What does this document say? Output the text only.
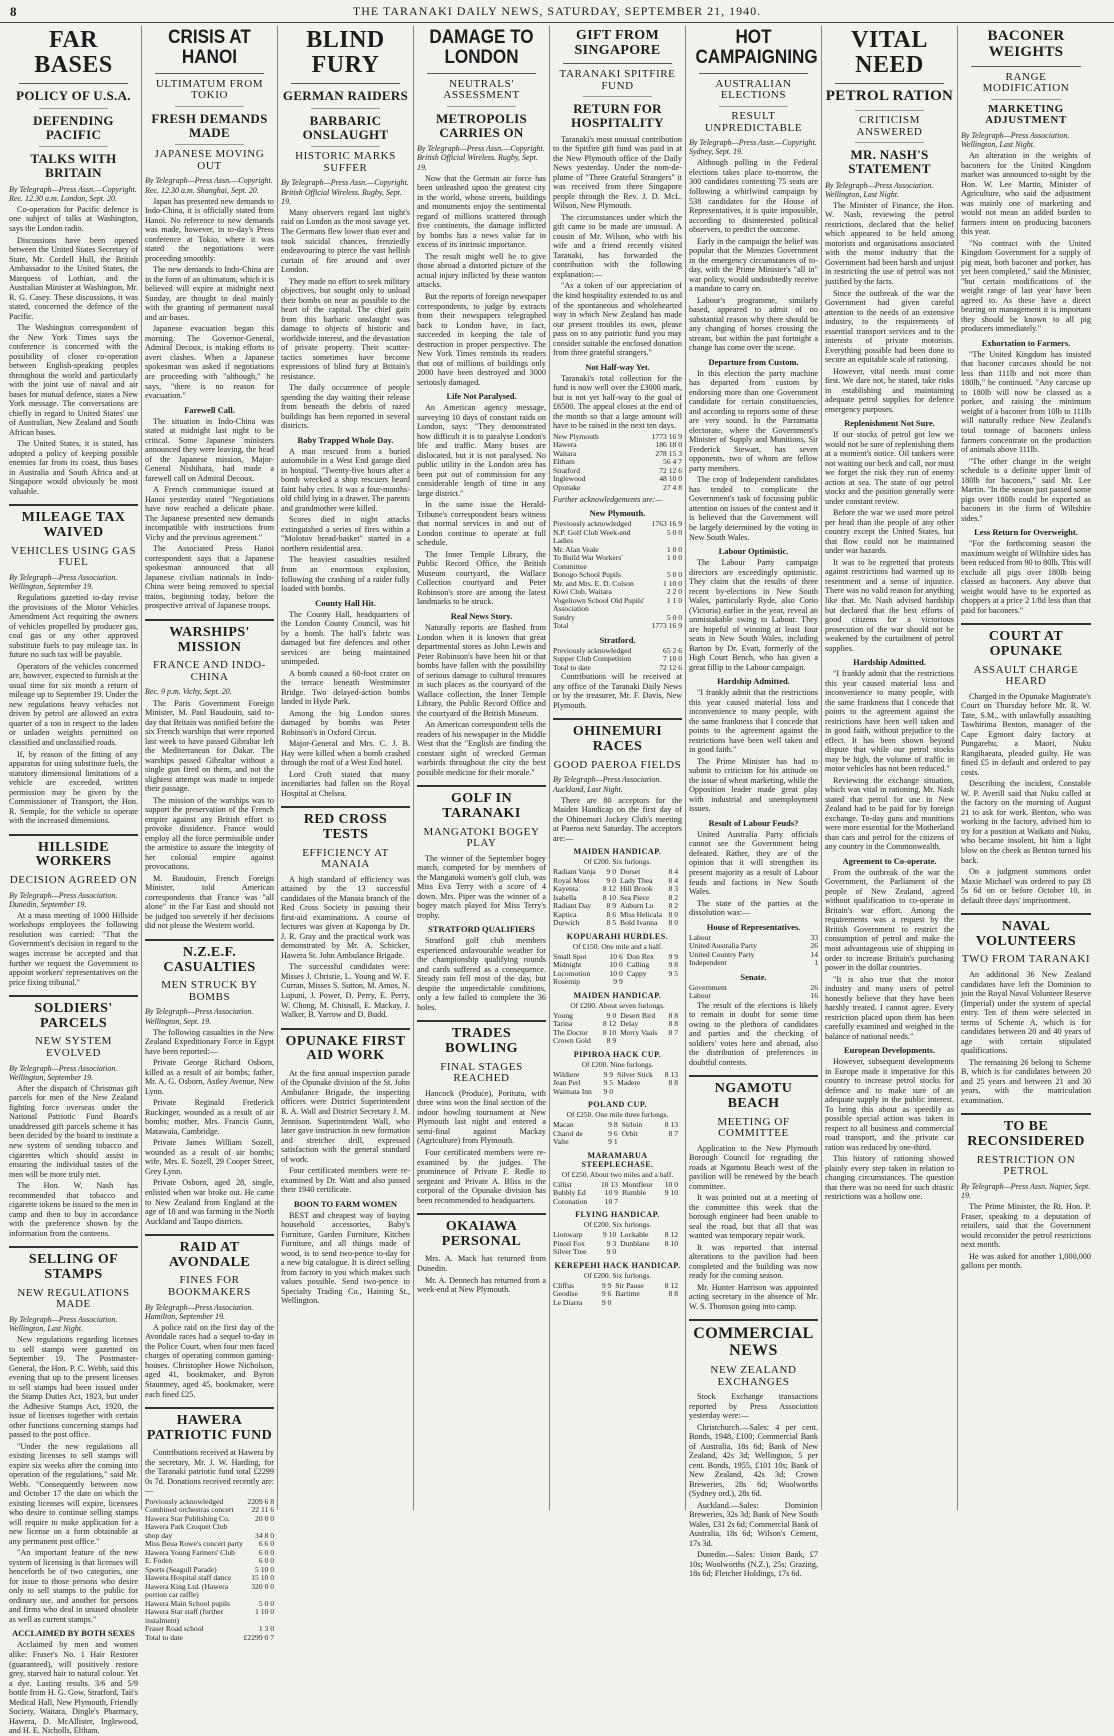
8	THE TARANAKI DAILY NEWS, SATURDAY, SEPTEMBER 21, 1940.
FAR BASES
POLICY OF U.S.A.
DEFENDING PACIFIC
TALKS WITH BRITAIN
By Telegraph—Press Assn.—Copyright. Rec. 12.30 a.m. London, Sept. 20.

Co-operation for Pacific defence is one subject of talks at Washington, says the London radio.

Discussions have been opened between the United States Secretary of State, Mr. Cordell Hull, the British Ambassador to the United States, the Marquess of Lothian, and the Australian Minister at Washington, Mr. R. G. Casey. These discussions, it was stated, concerned the defence of the Pacific.

The Washington correspondent of the New York Times says the conference is concerned with the possibility of closer co-operation between English-speaking peoples throughout the world and particularly with the joint use of naval and air bases for mutual defence, states a New York message. The conversations are chiefly in regard to United States' use of Australian, New Zealand and South African bases.

The United States, it is stated, has adopted a policy of keeping possible enemies far from its coast, thus bases in Australia and South Africa and at Singapore would obviously be most valuable.

MILEAGE TAX WAIVED
VEHICLES USING GAS FUEL
By Telegraph—Press Association. Wellington, September 19.

Regulations gazetted to-day revise the provisions of the Motor Vehicles Amendment Act requiring the owners of vehicles propelled by producer gas, coal gas or any other approved substitute fuels to pay mileage tax. In future no such tax will be payable.

Operators of the vehicles concerned are, however, expected to furnish at the usual time for six month a return of mileage up to September 19. Under the new regulations heavy vehicles not driven by petrol are allowed an extra quarter of a ton in respect to the laden or unladen weights permitted on classified and unclassified roads.

If, by reason of the fitting of any apparatus for using substitute fuels, the statutory dimensional limitations of a vehicle are exceeded, written permission may be given by the Commissioner of Transport, the Hon. R. Semple, for the vehicle to operate with the increased dimensions.

HILLSIDE WORKERS
DECISION AGREED ON
By Telegraph—Press Association. Dunedin, September 19.

At a mass meeting of 1000 Hillside workshops employees the following resolution was carried: "That the Government's decision in regard to the wages increase be accepted and that further we request the Government to appoint workers' representatives on the price fixing tribunal."

SOLDIERS' PARCELS
NEW SYSTEM EVOLVED
By Telegraph—Press Association. Wellington, September 19.

After the dispatch of Christmas gift parcels for men of the New Zealand fighting force overseas under the National Patriotic Fund Board's unaddressed gift parcels scheme it has been decided by the board to institute a new system of sending tobacco and cigarettes which should assist in ensuring the individual tastes of the men will be more truly met.

The Hon. W. Nash has recommended that tobacco and cigarette tokens be issued to the men in camp and then to buy in accordance with the preference shown by the information from the canteens.

SELLING OF STAMPS
NEW REGULATIONS MADE
By Telegraph—Press Association. Wellington, Last Night.

New regulations regarding licenses to sell stamps were gazetted on September 19. The Postmaster-General, the Hon. P. C. Webb, said this evening that up to the present licenses to sell stamps had been issued under the Stamp Duties Act, 1923, but under the Adhesive Stamps Act, 1920, the issue of licenses together with certain other functions concerning stamps had passed to the post office.

"Under the new regulations all existing licenses to sell stamps will expire six weeks after the coming into operation of the regulations," said Mr. Webb. "Consequently between now and October 17 the date on which the existing licenses will expire, licensees who desire to continue selling stamps will require to make application for a new license on a form obtainable at any permanent post office."

"An important feature of the new system of licensing is that licenses will henceforth be of two categories, one for issue to those persons who desire only to sell stamps to the public for ordinary use, and another for persons and firms who deal in unused obsolete as well as current stamps."

ACCLAIMED BY BOTH SEXES

Acclaimed by men and women alike: Fraser's No. 1 Hair Restorer (guaranteed), will positively restore grey, starved hair to natural colour. Yet a dye. Lasting results. 3/6 and 5/9 bottle from H. G. Gow, Stratford, Tait's Medical Hall, New Plymouth, Friendly Society, Waitara, Dingle's Pharmacy, Hawera, D. McAllister, Inglewood, and H. E. Nicholls, Eltham.

CRISIS AT HANOI
ULTIMATUM FROM TOKIO
FRESH DEMANDS MADE
JAPANESE MOVING OUT
By Telegraph—Press Assn.—Copyright. Rec. 12.30 a.m. Shanghai, Sept. 20.

Japan has presented new demands to Indo-China, it is officially stated from Hanoi. No reference to new demands was made, however, in to-day's Press conference at Tokio, where it was stated the negotiations were proceeding smoothly.

The new demands to Indo-China are in the form of an ultimatum, which it is believed will expire at midnight next Sunday, are thought to deal mainly with the granting of permanent naval and air bases.

Japanese evacuation began this morning. The Governor-General, Admiral Decoux, is making efforts to avert clashes. When a Japanese spokesman was asked if negotiations are proceeding with "although," he says, "there is no reason for evacuation."

Farewell Call.

The situation in Indo-China was stated at midnight last night to be critical. Some Japanese ministers announced they were leaving, the head of the Japanese mission, Major-General Nishihara, had made a farewell call on Admiral Decoux.

A French communique issued at Hanoi yesterday stated "Negotiations have now reached a delicate phase. The Japanese presented new demands incompatible with instructions from Vichy and the previous agreement."

The Associated Press Hanoi correspondent says that a Japanese spokesman announced that all Japanese civilian nationals in Indo-China were being removed to special trains, beginning today, before the prospective arrival of Japanese troops.

WARSHIPS' MISSION
FRANCE AND INDO-CHINA
Rec. 9 p.m. Vichy, Sept. 20.

The Paris Government Foreign Minister, M. Paul Baudouin, said to-day that Britain was notified before the six French warships that were reported last week to have passed Gibraltar left the Mediterranean for Dakar. The warships passed Gibraltar without a single gun fired on them, and not the slightest attempt was made to impede their passage.

The mission of the warships was to support the preservation of the French empire against any British effort to provoke dissidence. France would employ all the force permissible under the armistice to assure the integrity of her colonial empire against provocations.

M. Baudouin, French Foreign Minister, told American correspondents that France was "all alone" in the Far East and should not be judged too severely if her decisions did not please the Western world.

N.Z.E.F. CASUALTIES
MEN STRUCK BY BOMBS
By Telegraph—Press Association. Wellington, Sept. 19.

The following casualties in the New Zealand Expeditionary Force in Egypt have been reported:—

Private George Richard Osborn, killed as a result of air bombs; father, Mr. A. G. Osborn, Astley Avenue, New Lynn.

Private Reginald Frederick Ruckinger, wounded as a result of air bombs; mother, Mrs. Francis Gunn, Matawaia, Cambridge.

Private James William Sozell, wounded as a result of air bombs; wife, Mrs. E. Sozell, 29 Cooper Street, Grey Lynn.

Private Osborn, aged 28, single, enlisted when war broke out. He came to New Zealand from England at the age of 18 and was farming in the North Auckland and Taupo districts.

RAID AT AVONDALE
FINES FOR BOOKMAKERS
By Telegraph—Press Association. Hamilton, September 19.

A police raid on the first day of the Avondale races had a sequel to-day in the Police Court, when four men faced charges of operating common gaming-houses. Christopher Howe Nicholson, aged 41, bookmaker, and Byron Stauntney, aged 45, bookmaker, were each fined £25.

HAWERA PATRIOTIC FUND

Contributions received at Hawera by the secretary, Mr. J. W. Harding, for the Taranaki patriotic fund total £2299 0s 7d. Donations received recently are:—

Previously acknowledged	2209 6 8
Combined orchestras concert	22 11 6
Hawera Star Publishing Co.	20 0 0
Hawera Park Croquet Club	
shop day	34 8 0
Miss Beua Rowe's concert party	6 6 0
Hawera Young Farmers' Club	6 0 0
E. Foden	6 0 0
Sports (Seagull Parade)	5 10 0
Hawera Hospital staff dance	15 10 0
Hawera King Ltd. (Hawera portion car raffle)	320 0 0
Hawera Main School pupils	5 0 0
Hawera Star staff (further instalment)	1 10 0
Fraser Road school	1 3 0
Total to date	£2299 0 7
BLIND FURY
GERMAN RAIDERS
BARBARIC ONSLAUGHT
HISTORIC MARKS SUFFER
By Telegraph—Press Assn.—Copyright. British Official Wireless. Rugby, Sept. 19.

Many observers regard last night's raid on London as the most savage yet. The Germans flew lower than ever and took suicidal chances, frenziedly endeavouring to pierce the vast hellish curtain of fire around and over London.

They made no effort to seek military objectives, but sought only to unload their bombs on near as possible to the heart of the capital. The chief gain from this barbaric onslaught was damage to objects of historic and worldwide interest, and the devastation of private property. Their scatter-tactics sometimes have become expressions of blind fury at Britain's resistance.

The daily occurrence of people spending the day waiting their release from beneath the debris of razed buildings has been reported in several districts.

Baby Trapped Whole Day.

A man rescued from a buried automobile in a West End garage died in hospital. "Twenty-five hours after a bomb wrecked a shop rescuers heard faint baby cries. It was a four-months-old child lying in a drawer. The parents and grandmother were killed.

Scores died in night attacks extinguished a series of fires within a "Molotov bread-basket" started in a northern residential area.

The heaviest casualties resulted from an enormous explosion, following the crashing of a raider fully loaded with bombs.

County Hall Hit.

The County Hall, headquarters of the London County Council, was hit by a bomb. The hall's fabric was damaged but fire defences and other services are being maintained unimpeded.

A bomb caused a 60-foot crater on the terrace beneath Westminster Bridge. Two delayed-action bombs landed in Hyde Park.

Among the big London stores damaged by bombs was Peter Robinson's in Oxford Circus.

Major-General and Mrs. C. J. B. Hay were killed when a bomb crashed through the roof of a West End hotel.

Lord Croft stated that many incendiaries had fallen on the Royal Hospital at Chelsea.

RED CROSS TESTS
EFFICIENCY AT MANAIA

A high standard of efficiency was attained by the 13 successful candidates of the Manaia branch of the Red Cross Society in passing their first-aid examinations. A course of lectures was given at Kaponga by Dr. J. R. Gray and the practical work was demonstrated by Mr. A. Schicker, Hawera St. John Ambulance Brigade.

The successful candidates were: Misses J. Christie, L. Young and W. F. Curran, Misses S. Sutton, M. Amos, N. Lupuni, J. Power, D. Perry, E. Perry, W. Chong, M. Chisnall, E. Mackay, J. Walker, B. Yarrow and D. Budd.

OPUNAKE FIRST AID WORK

At the first annual inspection parade of the Opunake division of the St. John Ambulance Brigade, the inspecting officers were District Superintendent R. A. Wall and District Secretary J. M. Jennison. Superintendent Wall, who later gave instruction in new formation and stretcher drill, expressed satisfaction with the general standard of work.

Four certificated members were re-examined by Dr. Watt and also passed their 1940 certificate.

BOON TO FARM WOMEN

BEST and cheapest way of buying household accessories, Baby's Furniture, Garden Furniture, Kitchen Furniture, and all things made of wood, is to send two-pence to-day for a new big catalogue. It is direct selling from factory to you which makes such values possible. Send two-pence to Specialty Trading Co., Haining St., Wellington.

DAMAGE TO LONDON
NEUTRALS' ASSESSMENT
METROPOLIS CARRIES ON
By Telegraph—Press Assn.—Copyright. British Official Wireless. Rugby, Sept. 19.

Now that the German air force has been unleashed upon the greatest city in the world, whose streets, buildings and monuments enjoy the sentimental regard of millions scattered through five continents, the damage inflicted by bombs has a news value far in excess of its intrinsic importance.

The result might well be to give those abroad a distorted picture of the actual injury inflicted by these wanton attacks.

But the reports of foreign newspaper correspondents, to judge by extracts from their newspapers telegraphed back to London have, in fact, succeeded in keeping the tale of destruction in proper perspective. The New York Times reminds its readers that out of millions of buildings only 2000 have been destroyed and 3000 seriously damaged.

Life Not Paralysed.

An American agency message, surveying 10 days of constant raids on London, says: "They demonstrated how difficult it is to paralyse London's life and traffic. Many buses are dislocated, but it is not paralysed. No public utility in the London area has been put out of commission for any considerable length of time in any large district."

In the same issue the Herald-Tribune's correspondent bears witness that normal services in and out of London continue to operate at full schedule.

The Inner Temple Library, the Public Record Office, the British Museum courtyard, the Wallace Collection courtyard and Peter Robinson's store are among the latest landmarks to be struck.

Real News Story.

Naturally reports are flashed from London when it is known that great departmental stores as John Lewis and Peter Robinson's have been hit or that bombs have fallen with the possibility of serious damage to cultural treasures in such places as the courtyard of the Wallace collection, the Inner Temple Library, the Public Record Office and the courtyard of the British Museum.

An American correspondent tells the readers of his newspaper in the Middle West that the "English are finding the constant sight of wrecked German warbirds throughout the city the best possible medicine for their morale."

GOLF IN TARANAKI
MANGATOKI BOGEY PLAY

The winner of the September bogey match, competed for by members of the Mangatoki women's golf club, was Miss Eva Terry with a score of 4 down. Mrs. Piper was the winner of a bogey match played for Miss Terry's trophy.

STRATFORD QUALIFIERS

Stratford golf club members experienced unfavourable weather for the championship qualifying rounds and cards suffered as a consequence. Steady rain fell most of the day, but despite the unpredictable conditions, only a few failed to complete the 36 holes.

TRADES BOWLING
FINAL STAGES REACHED

Hancock (Produce), Poritutu, with three wins won the final section of the indoor bowling tournament at New Plymouth last night and entered a semi-final against Mackay (Agriculture) from Plymouth.

Four certificated members were re-examined by the judges. The prominence of Private F. Redle to sergeant and Private A. Bliss to the corporal of the Opunake division has been recommended to headquarters.

OKAIAWA PERSONAL

Mrs. A. Mack has returned from Dunedin.

Mr. A. Dennech has returned from a week-end at New Plymouth.

GIFT FROM SINGAPORE
TARANAKI SPITFIRE FUND
RETURN FOR HOSPITALITY

Taranaki's most unusual contribution to the Spitfire gift fund was paid in at the New Plymouth office of the Daily News yesterday. Under the nom-de-plume of "Three Grateful Strangers" it was received from three Singapore people through the Rev. J. D. McL. Wilson, New Plymouth.

The circumstances under which the gift came to be made are unusual. A cousin of Mr. Wilson, who with his wife and a friend recently visited Taranaki, has forwarded the contribution with the following explanation:—

"As a token of our appreciation of the kind hospitality extended to us and of the spontaneous and wholehearted way in which New Zealand has made our present troubles its own, please pass on to any patriotic fund you may consider suitable the enclosed donation from three grateful strangers."

Not Half-way Yet.

Taranaki's total collection for the fund is now well over the £3000 mark, but is not yet half-way to the goal of £6500. The appeal closes at the end of the month so that a large amount will have to be raised in the next ten days.

New Plymouth	1773 16 9
Hawera	186 18 0
Waitara	278 15 3
Eltham	56 4 7
Stratford	72 12 6
Inglewood	48 10 0
Opunake	27 4 8
Further acknowledgements are:—
New Plymouth.
Previously acknowledged	1763 16 9
N.P. Golf Club Week-end Ladies	5 0 0
Mr. Alan Veale	1 0 0
To Build War Workers' Committee	1 0 0
Bonogo School Pupils	5 0 0
Mr. and Mrs. E. D. Colson	1 10 0
Kiwi Club, Waitara	2 2 0
Vogeltown School Old Pupils' Association	1 1 0
Sundry	5 0 0
Total	1773 16 9
Stratford.
Previously acknowledged	65 2 6
Supper Club Competition	7 10 0
Total to date	72 12 6

Contributions will be received at any office of the Taranaki Daily News or by the treasurer, Mr. F. Davis, New Plymouth.

OHINEMURI RACES
GOOD PAEROA FIELDS
By Telegraph—Press Association. Auckland, Last Night.

There are 80 acceptors for the Maiden Handicap on the first day of the Ohinemuri Jockey Club's meeting at Paeroa next Saturday. The acceptors are:—

MAIDEN HANDICAP.
Of £200. Six furlongs.
Radiant Vanja	9 0	Dorset	8 4
Royal Moss	9 0	Lady Thea	8 4
Kayenta	8 12	Hill Brook	8 3
Isabella	8 10	Sea Piece	8 2
Radiant Day	8 9	Auburn Lu	8 2
Kaptica	8 6	Miss Helicala	8 0
Durwich	8 5	Bold Ivanna	8 0
KOPUARAHI HURDLES.
Of £150. One mile and a half.
Small Spot	10 6	Don Rex	9 9
Midnight	10 0	Calling	9 8
Locomotion	10 0	Cappy	9 5
Rosemip	9 9		
MAIDEN HANDICAP.
Of £200. About seven furlongs.
Young	9 0	Desert Bird	8 8
Tarina	8 12	Delay	8 8
The Doctor	8 10	Merry Vaals	8 7
Crown Gold	8 9		
PIPIROA HACK CUP.
Of £200. Nine furlongs.
Wildiere	9 9	Silver Stick	8 13
Jean Perl	9 5	Madere	8 8
Waimata Inn	9 0		
POLAND CUP.
Of £250. One mile three furlongs.
Macan	9 8	Sirloin	8 13
Charol de	9 6	Orbit	8 7
Valte	9 1		
MARAMARUA STEEPLECHASE.
Of £250. About two miles and a half.
Cillist	10 13	Montfleur	10 0
Bubbly Ed	10 9	Rumble	9 10
Coronation	10 7		
FLYING HANDICAP.
Of £200. Six furlongs.
Lionwarp	9 10	Lockable	8 12
Pinoil Fox	9 3	Dunblane	8 10
Silver Tree	9 0		
KEREPEHI HACK HANDICAP.
Of £200. Six furlongs.
Cliffus	9 9	Sir Pause	8 12
Geodise	9 6	Bartime	8 8
Le Diarra	9 0		
HOT CAMPAIGNING
AUSTRALIAN ELECTIONS
RESULT UNPREDICTABLE
By Telegraph—Press Assn.—Copyright. Sydney, Sept. 19.

Although polling in the Federal elections takes place to-morrow, the 300 candidates contesting 75 seats are following a whirlwind campaign by 538 candidates for the House of Representatives, it is quite impossible, according to disinterested political observers, to predict the outcome.

Early in the campaign the belief was popular that the Menzies Government in the emergency circumstances of to-day, with the Prime Minister's "all in" war policy, would undoubtedly receive a mandate to carry on.

Labour's programme, similarly based, appeared to admit of no substantial reason why there should be any changing of horses crossing the stream, but within the past fortnight a change has come over the scene.

Departure from Custom.

In this election the party machine has departed from custom by endorsing more than one Government candidate for certain constituencies, and according to reports some of these are very sound. In the Parramatta electorate, where the Government's Minister of Supply and Munitions, Sir Frederick Stewart, has seven opponents, two of whom are fellow party members.

The crop of Independent candidates has tended to complicate the Government's task of focussing public attention on issues of the contest and it is believed that the Government will be largely determined by the voting in New South Wales.

Labour Optimistic.

The Labour Party campaign directors are exceedingly optimistic. They claim that the results of three recent by-elections in New South Wales, particularly Ryde, also Corio (Victoria) earlier in the year, reveal an unmistakable swing to Labour. They are hopeful of winning at least four seats in New South Wales, including Barton by Dr. Evatt, formerly of the High Court Bench, who has given a great fillip to the Labour campaign.

Hardship Admitted.

"I frankly admit that the restrictions this year caused material loss and inconvenience to many people, with the same frankness that I concede that points to the agreement against the restrictions have been well taken and in good faith."

The Prime Minister has had to submit to criticism for his attitude on the issue of wheat marketing, while the Opposition leader made great play with industrial and unemployment issues.

Result of Labour Feuds?

United Australia Party officials cannot see the Government being defeated. Rather, they are of the opinion that it will strengthen its present majority as a result of Labour feuds and factions in New South Wales.

The state of the parties at the dissolution was:—

House of Representatives.
Labour	33
United Australia Party	26
United Country Party	14
Independent	1
Senate.
Government	26
Labour	16

The result of the elections is likely to remain in doubt for some time owing to the plethora of candidates and parties and the checking of soldiers' votes here and abroad, also the distribution of preferences in doubtful contests.

NGAMOTU BEACH
MEETING OF COMMITTEE

Application to the New Plymouth Borough Council for regrading the roads at Ngamotu Beach west of the pavilion will be renewed by the beach committee.

It was pointed out at a meeting of the committee this week that the borough engineer had been unable to seal the road, but that all that was wanted was temporary repair work.

It was reported that internal alterations to the pavilion had been completed and the building was now ready for the coming season.

Mr. Hunter Harrison was appointed acting secretary in the absence of Mr. W. S. Thomson going into camp.

COMMERCIAL NEWS
NEW ZEALAND EXCHANGES

Stock Exchange transactions reported by Press Association yesterday were:—

Christchurch.—Sales: 4 per cent. Bonds, 1948, £100; Commercial Bank of Australia, 18s 6d; Bank of New Zealand, 42s 3d; Wellington, 5 per cent. Bonds, 1955, £101 10s; Bank of New Zealand, 42s 3d; Crown Breweries, 28s 6d; Woolworths (Sydney ord.), 28s 6d.

Auckland.—Sales: Dominion Breweries, 32s 3d; Bank of New South Wales, £31 2s 6d; Commercial Bank of Australia, 18s 6d; Wilson's Cement, 17s 3d.

Dunedin.—Sales: Union Bank, £7 10s; Woolworths (N.Z.), 25s; Grazing, 18s 6d; Fletcher Holdings, 17s 6d.

VITAL NEED
PETROL RATION
CRITICISM ANSWERED
MR. NASH'S STATEMENT
By Telegraph—Press Association. Wellington, Last Night.

The Minister of Finance, the Hon. W. Nash, reviewing the petrol restrictions, declared that the belief which appeared to be held among motorists and organisations associated with the motor industry that the Government had been harsh and unjust in restricting the use of petrol was not justified by the facts.

Since the outbreak of the war the Government had given careful attention to the needs of an extensive industry, to the requirements of essential transport services and to the interests of private motorists. Everything possible had been done to secure an equitable scale of rationing.

However, vital needs must come first. We dare not, he stated, take risks in establishing and maintaining adequate petrol supplies for defence emergency purposes.

Replenishment Not Sure.

If our stocks of petrol got low we would not be sure of replenishing them at a moment's notice. Oil tankers were not waiting our beck and call, nor must we forget the risk they run of enemy action at sea. The state of our petrol stocks and the position generally were under constant review.

Before the war we used more petrol per head than the people of any other country except the United States, but that flow could not be maintained under war hazards.

It was to be regretted that protests against restrictions had warmed up to resentment and a sense of injustice. There was no valid reason for anything like that. Mr. Nash advised hardship but declared that the best efforts of good citizens for a victorious prosecution of the war should not be weakened by the curtailment of petrol supplies.

Hardship Admitted.

"I frankly admit that the restrictions this year caused material loss and inconvenience to many people, with the same frankness that I concede that points to the agreement against the restrictions have been well taken and in good faith, without prejudice to the effect. It has been shown beyond dispute that while our petrol stocks may be high, the volume of traffic in motor vehicles has not been reduced."

Reviewing the exchange situation, which was vital in rationing, Mr. Nash stated that petrol for use in New Zealand had to be paid for by foreign exchange. To-day guns and munitions were more essential for the Motherland than cars and petrol for the citizens of any country in the Commonwealth.

Agreement to Co-operate.

From the outbreak of the war the Government, the Parliament of the people of New Zealand, agreed without qualification to co-operate in Britain's war effort. Among the requirements was a request by the British Government to restrict the consumption of petrol and make the most advantageous use of shipping in order to increase Britain's purchasing power in the dollar countries.

"It is also true that the motor industry and many users of petrol honestly believe that they have been harshly treated. I cannot agree. Every restriction placed upon them has been carefully examined and weighed in the balance of national needs."

European Developments.

However, subsequent developments in Europe made it imperative for this country to increase petrol stocks for defence and to make sure of an adequate supply in the public interest. To bring this about as speedily as possible special action was taken in respect to all business and commercial road transport, and the private car ration was reduced by one-third.

This history of rationing showed plainly every step taken in relation to changing circumstances. The question that there was no need for such drastic restrictions was a hollow one.

BACONER WEIGHTS
RANGE MODIFICATION
MARKETING ADJUSTMENT
By Telegraph—Press Association. Wellington, Last Night.

An alteration in the weights of baconers for the United Kingdom market was announced to-night by the Hon. W. Lee Martin, Minister of Agriculture, who said the adjustment was mainly one of marketing and would not mean an added burden to farmers intent on producing baconers this year.

"No contract with the United Kingdom Government for a supply of pig meat, both baconer and porker, has yet been completed," said the Minister, "but certain modifications of the weight range of last year have been agreed to. As these have a direct bearing on management it is important they should be known to all pig producers immediately."

Exhortation to Farmers.

"The United Kingdom has insisted that baconer carcases should be not less than 111lb and not more than 180lb," he continued. "Any carcase up to 180lb will now be classed as a porker, and raising the minimum weight of a baconer from 10lb to 111lb will naturally reduce New Zealand's total tonnage of baconers unless farmers concentrate on the production of animals above 111lb.

"The other change in the weight schedule is a definite upper limit of 180lb for baconers," said Mr. Lee Martin. "In the season just passed some pigs over 180lb could be exported as baconers in the form of Wiltshire sides."

Less Return for Overweight.

"For the forthcoming season the maximum weight of Wiltshire sides has been reduced from 90 to 80lb. This will exclude all pigs over 180lb being classed as baconers. Any above that weight would have to be exported as choppers at a price 2 1/8d less than that paid for baconers."

COURT AT OPUNAKE
ASSAULT CHARGE HEARD

Charged in the Opunake Magistrate's Court on Thursday before Mr. R. W. Tate, S.M., with unlawfully assaulting Tawhirima Benton, manager of the Cape Egmont dairy factory at Pungarehu, a Maori, Nuku Rangihaeata, pleaded guilty. He was fined £5 in default and ordered to pay costs.

Describing the incident, Constable W. P. Averill said that Nuku called at the factory on the morning of August 21 to ask for work. Benton, who was working in the factory, advised him to try for a position at Waikato and Nuku, who became insolent, hit him a light blow on the cheek as Benton turned his back.

On a judgment summons order Maxie Michael was ordered to pay £8 5s 6d on or before October 10, in default three days' imprisonment.

NAVAL VOLUNTEERS
TWO FROM TARANAKI

An additional 36 New Zealand candidates have left the Dominion to join the Royal Naval Volunteer Reserve (Imperial) under the system of special entry. Ten of them were selected in terms of Scheme A, which is for candidates between 20 and 40 years of age with certain stipulated qualifications.

The remaining 26 belong to Scheme B, which is for candidates between 20 and 25 years and between 21 and 30 years, with the matriculation examination.

TO BE RECONSIDERED
RESTRICTION ON PETROL
By Telegraph—Press Assn. Napier, Sept. 19.

The Prime Minister, the Rt. Hon. P. Fraser, speaking to a deputation of retailers, said that the Government would reconsider the petrol restrictions next month.

He was asked for another 1,000,000 gallons per month.
